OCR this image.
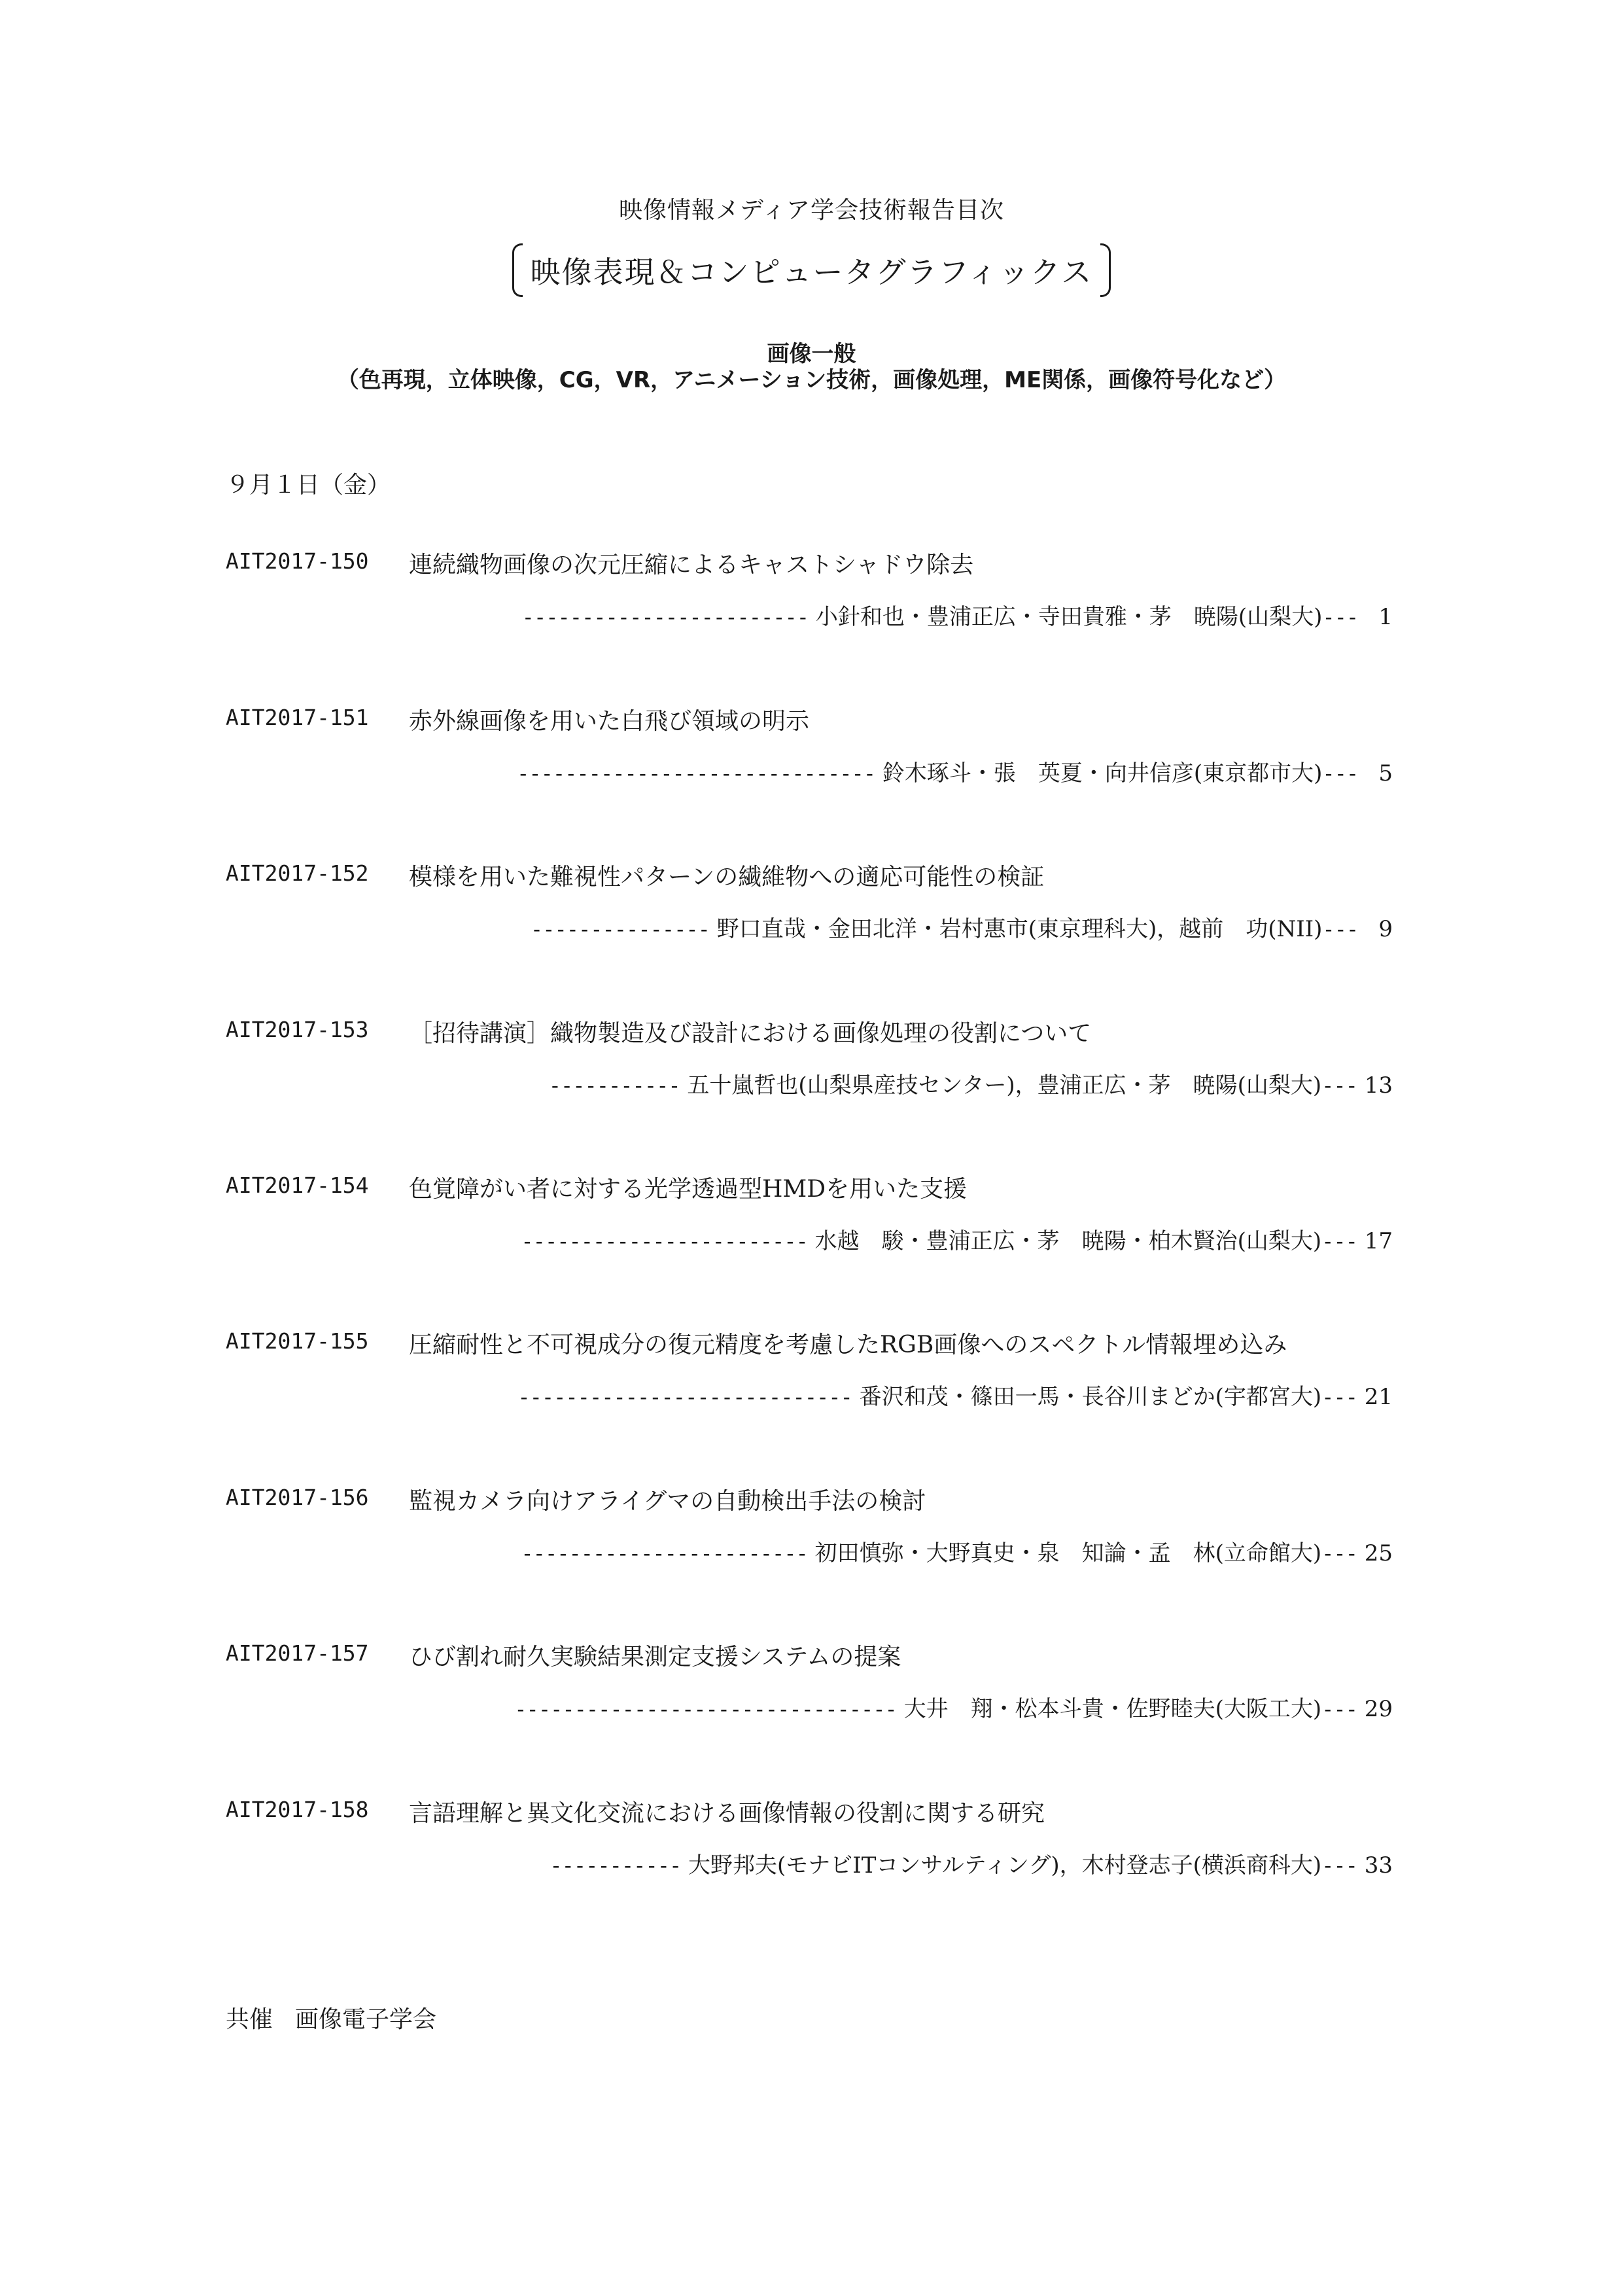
映像情報メディア学会技術報告目次
映像表現＆コンピュータグラフィックス
画像一般
（色再現，立体映像，CG，VR，アニメーション技術，画像処理，ME関係，画像符号化など）
９月１日（金）
AIT2017-150 連続織物画像の次元圧縮によるキャストシャドウ除去
------------------------ 小針和也・豊浦正広・寺田貴雅・茅　暁陽(山梨大)--- 1
AIT2017-151 赤外線画像を用いた白飛び領域の明示
------------------------------ 鈴木琢斗・張　英夏・向井信彦(東京都市大)--- 5
AIT2017-152 模様を用いた難視性パターンの繊維物への適応可能性の検証
--------------- 野口直哉・金田北洋・岩村惠市(東京理科大)，越前　功(NII)--- 9
AIT2017-153 ［招待講演］織物製造及び設計における画像処理の役割について
----------- 五十嵐哲也(山梨県産技センター)，豊浦正広・茅　暁陽(山梨大)--- 13
AIT2017-154 色覚障がい者に対する光学透過型HMDを用いた支援
------------------------ 水越　駿・豊浦正広・茅　暁陽・柏木賢治(山梨大)--- 17
AIT2017-155 圧縮耐性と不可視成分の復元精度を考慮したRGB画像へのスペクトル情報埋め込み
---------------------------- 番沢和茂・篠田一馬・長谷川まどか(宇都宮大)--- 21
AIT2017-156 監視カメラ向けアライグマの自動検出手法の検討
------------------------ 初田慎弥・大野真史・泉　知論・孟　林(立命館大)--- 25
AIT2017-157 ひび割れ耐久実験結果測定支援システムの提案
-------------------------------- 大井　翔・松本斗貴・佐野睦夫(大阪工大)--- 29
AIT2017-158 言語理解と異文化交流における画像情報の役割に関する研究
----------- 大野邦夫(モナビITコンサルティング)，木村登志子(横浜商科大)--- 33
共催 画像電子学会
